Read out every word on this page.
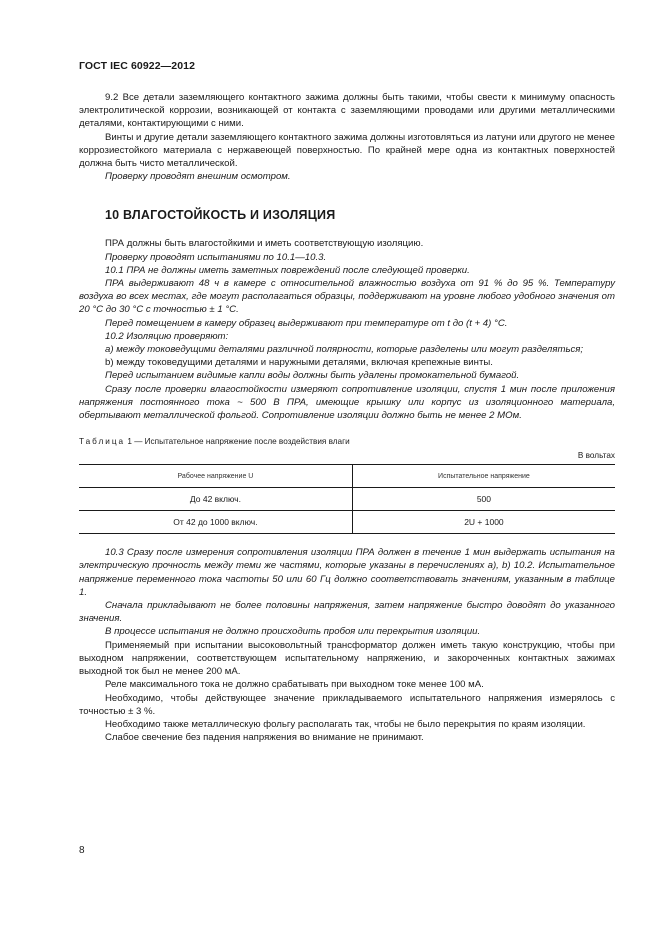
ГОСТ IEC 60922—2012

9.2 Все детали заземляющего контактного зажима должны быть такими, чтобы свести к минимуму опасность электролитической коррозии, возникающей от контакта с заземляющими проводами или другими металлическими деталями, контактирующими с ними.

Винты и другие детали заземляющего контактного зажима должны изготовляться из латуни или другого не менее коррозиестойкого материала с нержавеющей поверхностью. По крайней мере одна из контактных поверхностей должна быть чисто металлической.

Проверку проводят внешним осмотром.

10 ВЛАГОСТОЙКОСТЬ И ИЗОЛЯЦИЯ

ПРА должны быть влагостойкими и иметь соответствующую изоляцию.

Проверку проводят испытаниями по 10.1—10.3.

10.1 ПРА не должны иметь заметных повреждений после следующей проверки.

ПРА выдерживают 48 ч в камере с относительной влажностью воздуха от 91 % до 95 %. Температуру воздуха во всех местах, где могут располагаться образцы, поддерживают на уровне любого удобного значения от 20 °С до 30 °С с точностью ± 1 °С.

Перед помещением в камеру образец выдерживают при температуре от t до (t + 4) °С.

10.2 Изоляцию проверяют:

а) между токоведущими деталями различной полярности, которые разделены или могут разделяться;

b) между токоведущими деталями и наружными деталями, включая крепежные винты.

Перед испытанием видимые капли воды должны быть удалены промокательной бумагой.

Сразу после проверки влагостойкости измеряют сопротивление изоляции, спустя 1 мин после приложения напряжения постоянного тока ~ 500 В ПРА, имеющие крышку или корпус из изоляционного материала, обертывают металлической фольгой. Сопротивление изоляции должно быть не менее 2 МОм.

Таблица 1 — Испытательное напряжение после воздействия влаги
В вольтах
Рабочее напряжение U	Испытательное напряжение
До 42 включ.	500
От 42 до 1000 включ.	2U + 1000

10.3 Сразу после измерения сопротивления изоляции ПРА должен в течение 1 мин выдержать испытания на электрическую прочность между теми же частями, которые указаны в перечислениях а), b) 10.2. Испытательное напряжение переменного тока частоты 50 или 60 Гц должно соответствовать значениям, указанным в таблице 1.

Сначала прикладывают не более половины напряжения, затем напряжение быстро доводят до указанного значения.

В процессе испытания не должно происходить пробоя или перекрытия изоляции.

Применяемый при испытании высоковольтный трансформатор должен иметь такую конструкцию, чтобы при выходном напряжении, соответствующем испытательному напряжению, и закороченных контактных зажимах выходной ток был не менее 200 мА.

Реле максимального тока не должно срабатывать при выходном токе менее 100 мА.

Необходимо, чтобы действующее значение прикладываемого испытательного напряжения измерялось с точностью ± 3 %.

Необходимо также металлическую фольгу располагать так, чтобы не было перекрытия по краям изоляции.

Слабое свечение без падения напряжения во внимание не принимают.

8
